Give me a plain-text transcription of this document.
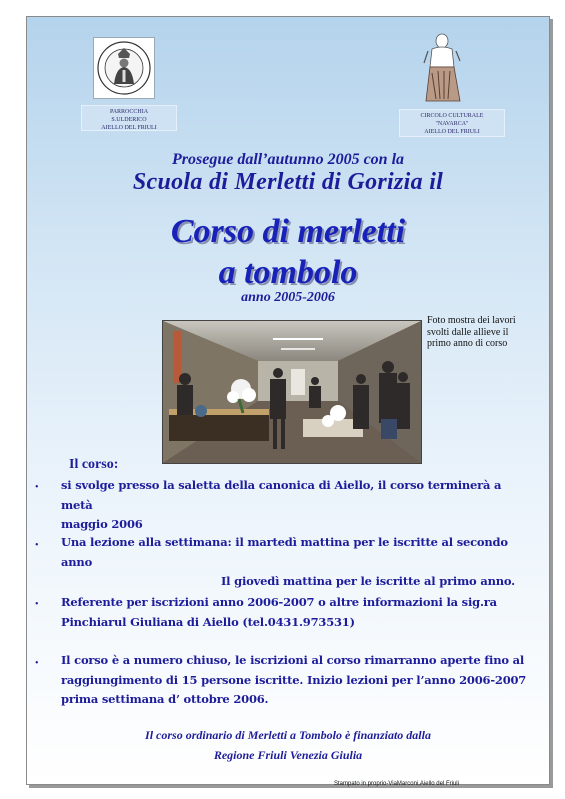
PARROCCHIA
S.ULDERICO
AIELLO DEL FRIULI
CIRCOLO CULTURALE
"NAVARCA"
AIELLO DEL FRIULI
Prosegue dall’autunno 2005 con la
Scuola di Merletti di Gorizia il
Corso di merletti
a tombolo
anno 2005-2006
Foto mostra dei lavori svolti dalle allieve il primo anno di corso
Il corso:
• si svolge presso la saletta della canonica di Aiello, il corso terminerà a metà
maggio 2006
• Una lezione alla settimana: il martedì mattina per le iscritte al secondo anno
Il giovedì mattina per le iscritte al primo anno.
• Referente per iscrizioni anno 2006-2007 o altre informazioni la sig.ra
Pinchiarul Giuliana di Aiello (tel.0431.973531)
• Il corso è a numero chiuso, le iscrizioni al corso rimarranno aperte fino al
raggiungimento di 15 persone iscritte. Inizio lezioni per l’anno 2006-2007
prima settimana d’ ottobre 2006.
Il corso ordinario di Merletti a Tombolo è finanziato dalla
Regione Friuli Venezia Giulia
Stampato in proprio-ViaMarconi,Aiello del Friuli
